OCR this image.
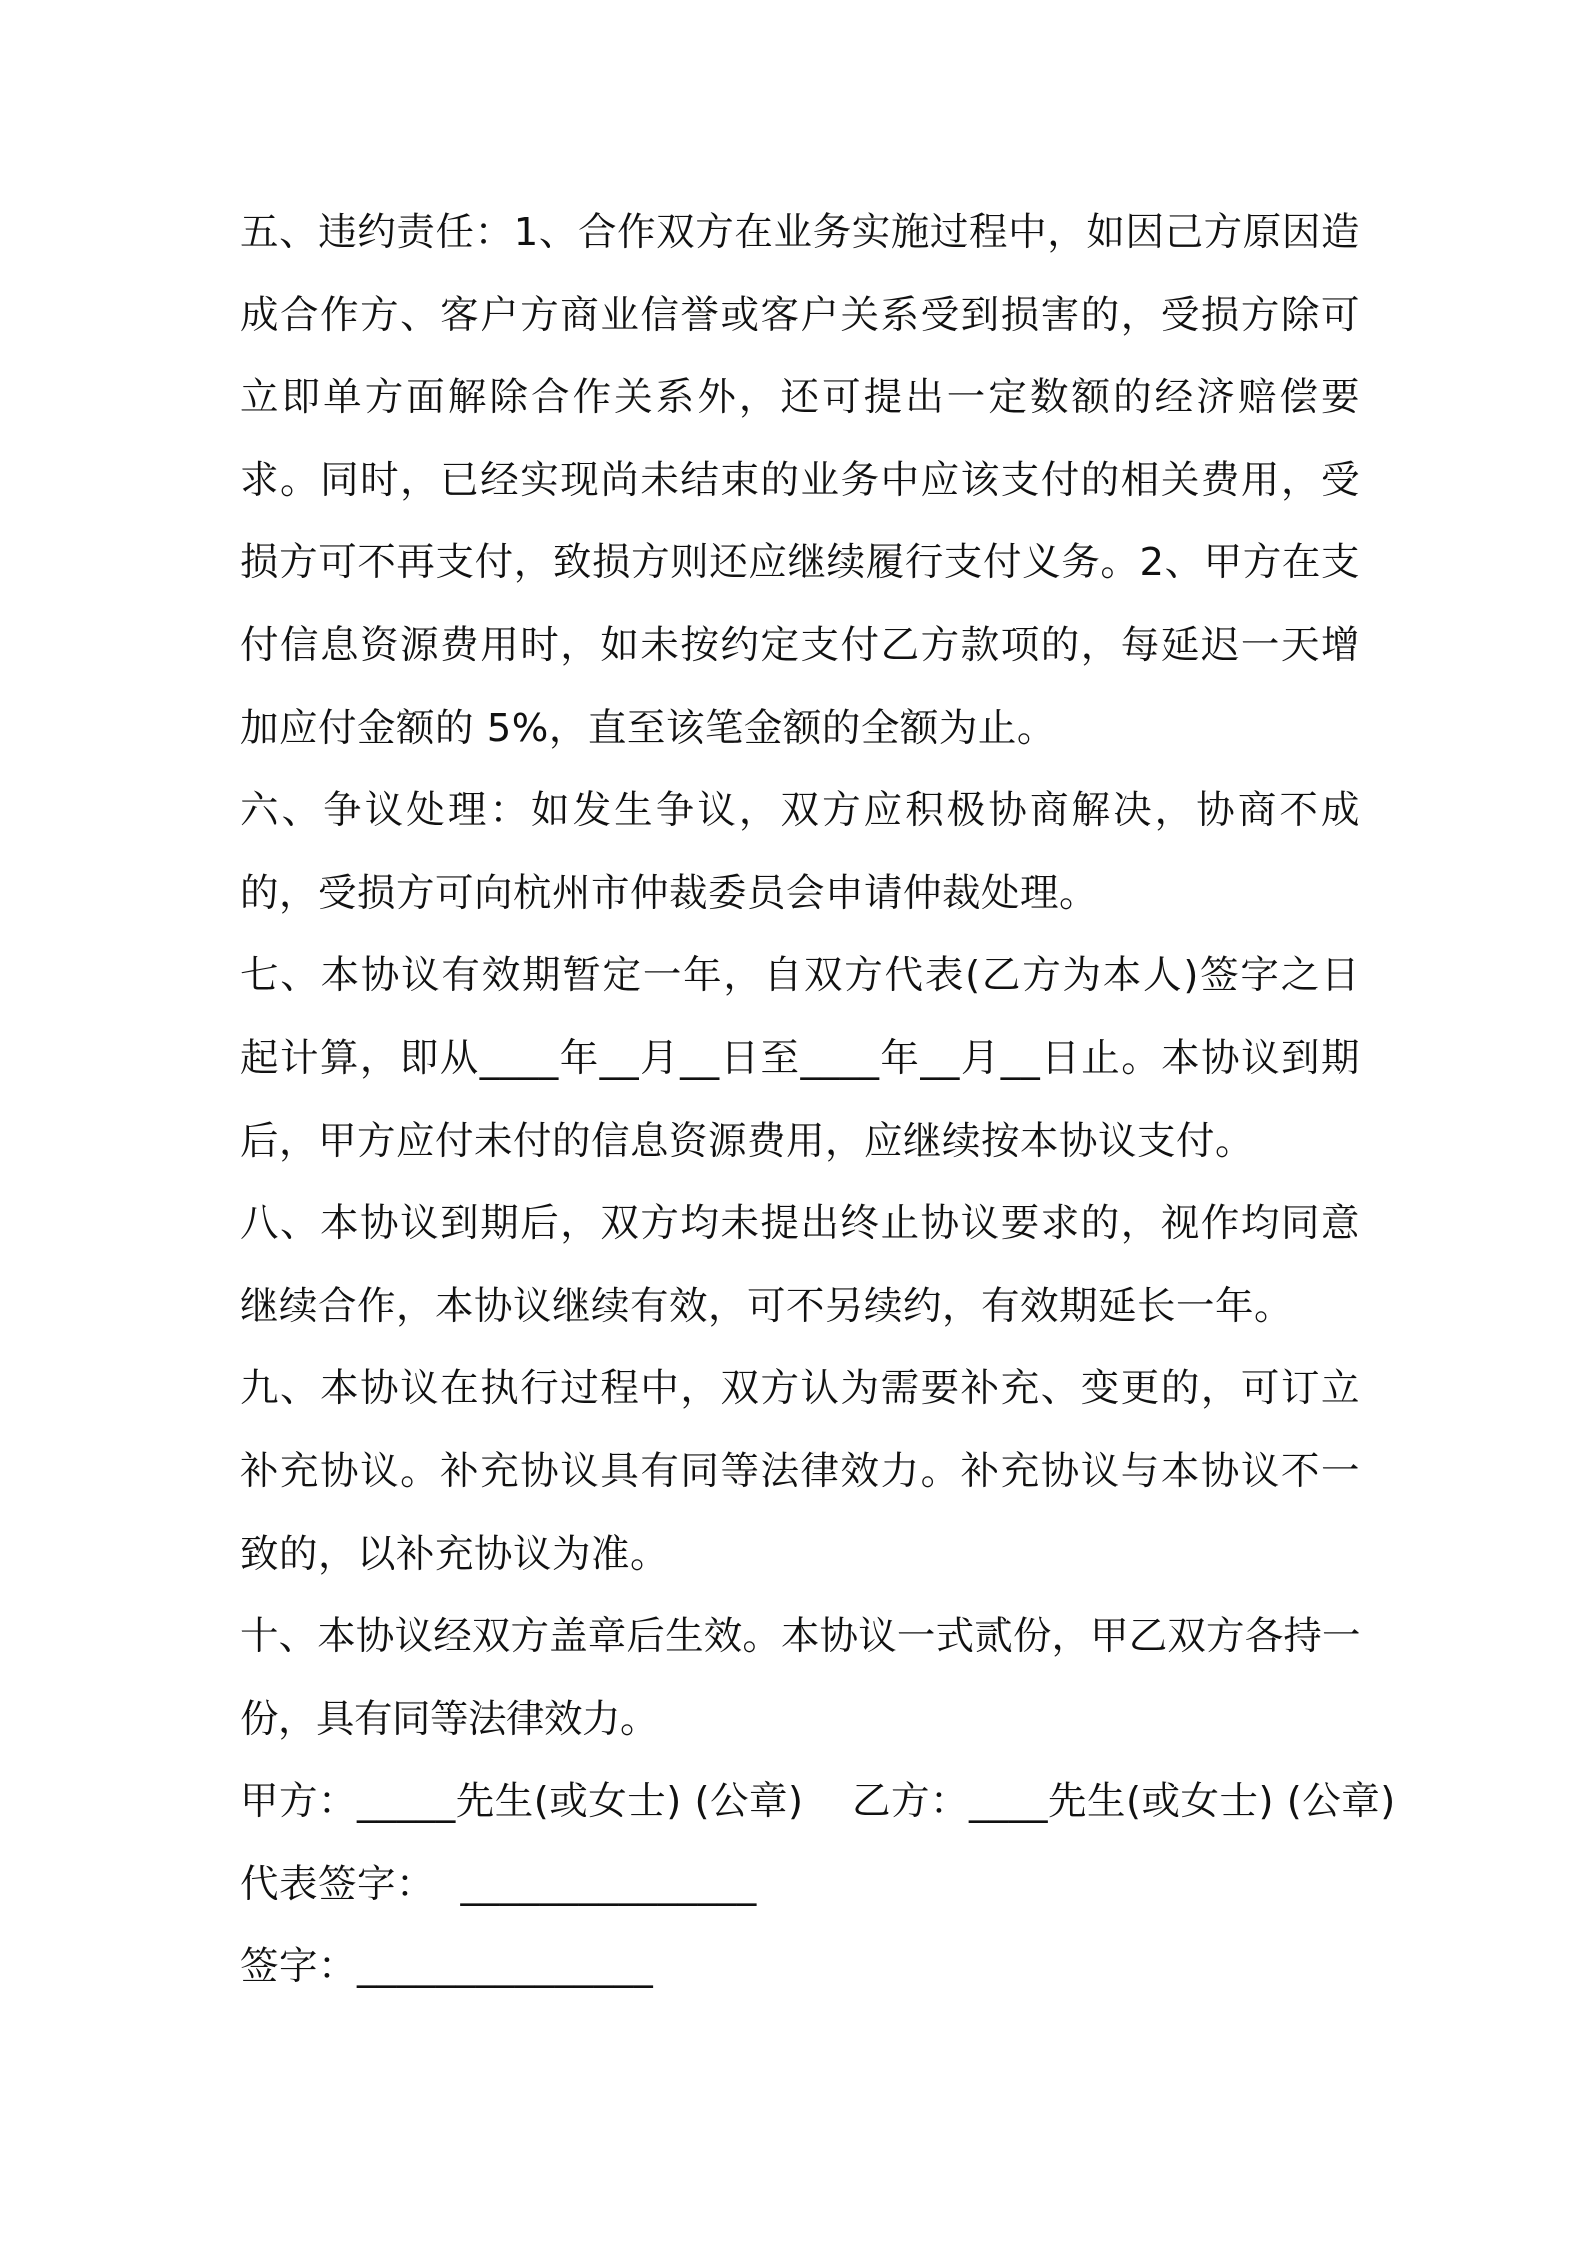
五、违约责任：1、合作双方在业务实施过程中，如因己方原因造成合作方、客户方商业信誉或客户关系受到损害的，受损方除可立即单方面解除合作关系外，还可提出一定数额的经济赔偿要求。同时，已经实现尚未结束的业务中应该支付的相关费用，受损方可不再支付，致损方则还应继续履行支付义务。2、甲方在支付信息资源费用时，如未按约定支付乙方款项的，每延迟一天增加应付金额的 5%，直至该笔金额的全额为止。

六、争议处理：如发生争议，双方应积极协商解决，协商不成的，受损方可向杭州市仲裁委员会申请仲裁处理。

七、本协议有效期暂定一年，自双方代表(乙方为本人)签字之日起计算，即从____年__月__日至____年__月__日止。本协议到期后，甲方应付未付的信息资源费用，应继续按本协议支付。

八、本协议到期后，双方均未提出终止协议要求的，视作均同意继续合作，本协议继续有效，可不另续约，有效期延长一年。

九、本协议在执行过程中，双方认为需要补充、变更的，可订立补充协议。补充协议具有同等法律效力。补充协议与本协议不一致的，以补充协议为准。

十、本协议经双方盖章后生效。本协议一式贰份，甲乙双方各持一份，具有同等法律效力。

甲方：_____先生(或女士) (公章) 乙方：____先生(或女士) (公章)
代表签字：  _______________
签字：_______________
